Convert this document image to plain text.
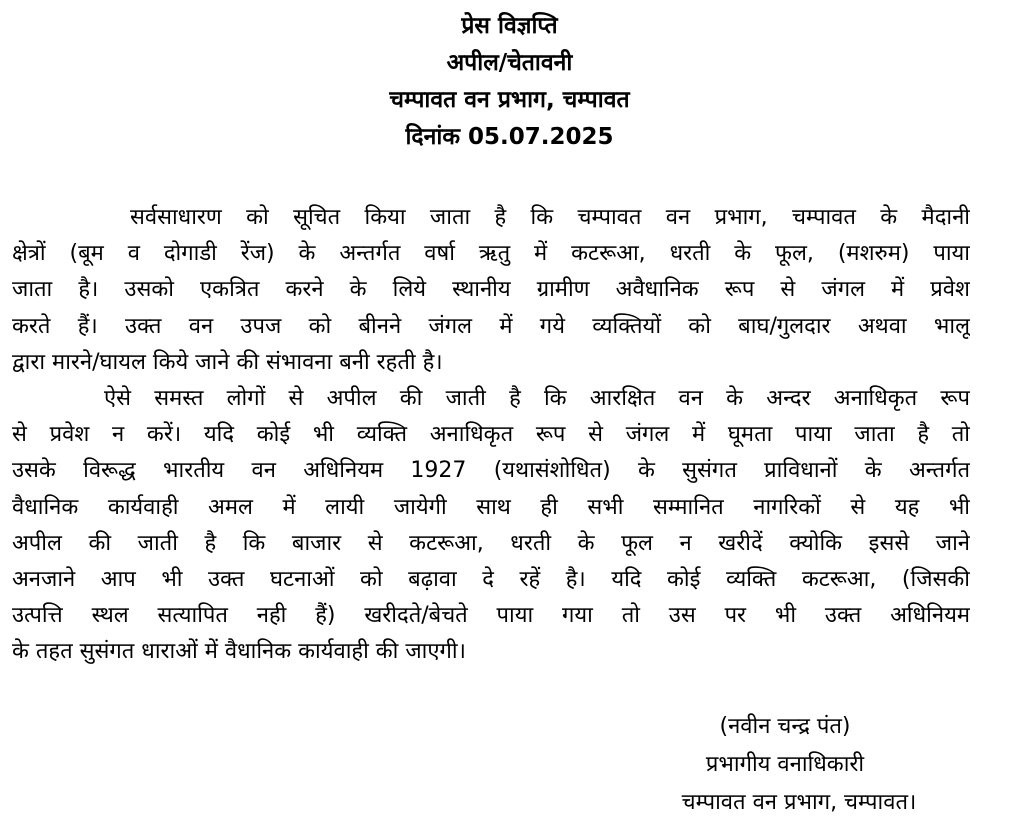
प्रेस विज्ञप्ति
अपील/चेतावनी
चम्पावत वन प्रभाग, चम्पावत
दिनांक 05.07.2025
सर्वसाधारण को सूचित किया जाता है कि चम्पावत वन प्रभाग, चम्पावत के मैदानी
क्षेत्रों (बूम व दोगाडी रेंज) के अन्तर्गत वर्षा ऋतु में कटरूआ, धरती के फूल, (मशरुम) पाया
जाता है। उसको एकत्रित करने के लिये स्थानीय ग्रामीण अवैधानिक रूप से जंगल में प्रवेश
करते हैं। उक्त वन उपज को बीनने जंगल में गये व्यक्तियों को बाघ/गुलदार अथवा भालू
द्वारा मारने/घायल किये जाने की संभावना बनी रहती है।
ऐसे समस्त लोगों से अपील की जाती है कि आरक्षित वन के अन्दर अनाधिकृत रूप
से प्रवेश न करें। यदि कोई भी व्यक्ति अनाधिकृत रूप से जंगल में घूमता पाया जाता है तो
उसके विरूद्ध भारतीय वन अधिनियम 1927 (यथासंशोधित) के सुसंगत प्राविधानों के अन्तर्गत
वैधानिक कार्यवाही अमल में लायी जायेगी साथ ही सभी सम्मानित नागरिकों से यह भी
अपील की जाती है कि बाजार से कटरूआ, धरती के फूल न खरीदें क्योकि इससे जाने
अनजाने आप भी उक्त घटनाओं को बढ़ावा दे रहें है। यदि कोई व्यक्ति कटरूआ, (जिसकी
उत्पत्ति स्थल सत्यापित नही हैं) खरीदते/बेचते पाया गया तो उस पर भी उक्त अधिनियम
के तहत सुसंगत धाराओं में वैधानिक कार्यवाही की जाएगी।
(नवीन चन्द्र पंत)
प्रभागीय वनाधिकारी
चम्पावत वन प्रभाग, चम्पावत।
